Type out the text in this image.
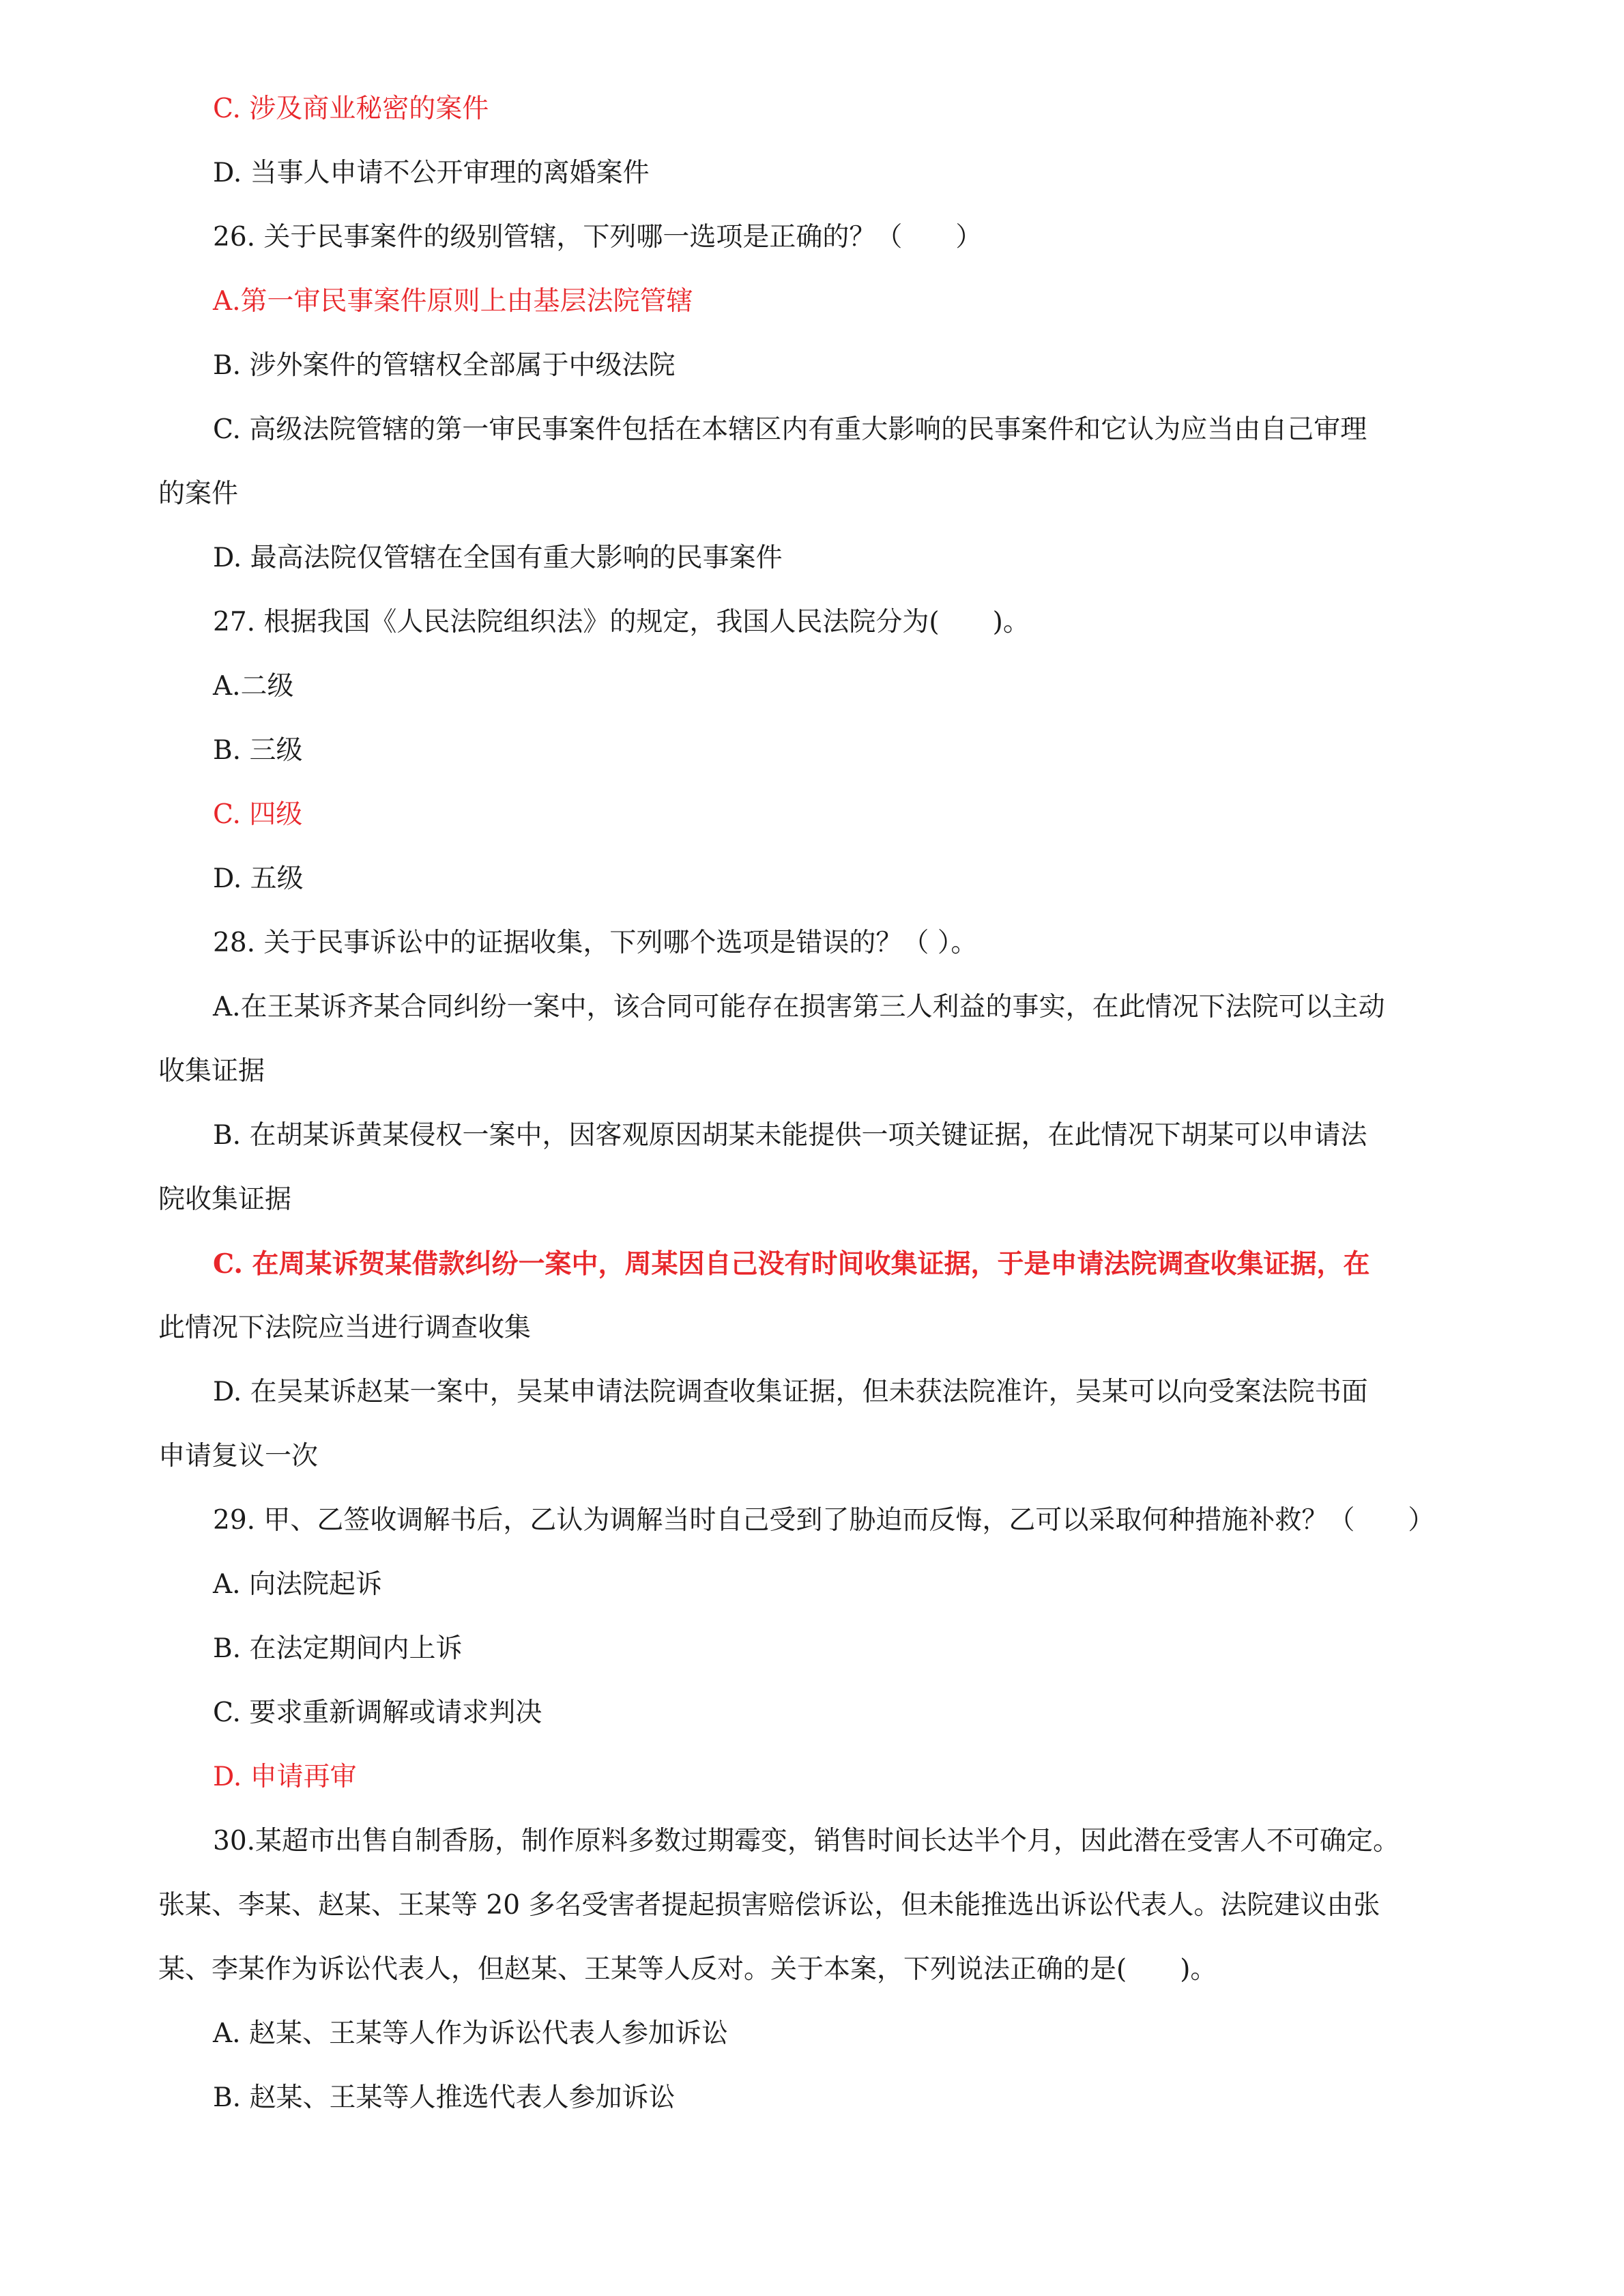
C. 涉及商业秘密的案件
D. 当事人申请不公开审理的离婚案件
26. 关于民事案件的级别管辖，下列哪一选项是正确的？（　　）
A.第一审民事案件原则上由基层法院管辖
B. 涉外案件的管辖权全部属于中级法院
C. 高级法院管辖的第一审民事案件包括在本辖区内有重大影响的民事案件和它认为应当由自己审理
的案件
D. 最高法院仅管辖在全国有重大影响的民事案件
27. 根据我国《人民法院组织法》的规定，我国人民法院分为(　　)。
A.二级
B. 三级
C. 四级
D. 五级
28. 关于民事诉讼中的证据收集，下列哪个选项是错误的？（ ）。
A.在王某诉齐某合同纠纷一案中，该合同可能存在损害第三人利益的事实，在此情况下法院可以主动
收集证据
B. 在胡某诉黄某侵权一案中，因客观原因胡某未能提供一项关键证据，在此情况下胡某可以申请法
院收集证据
C. 在周某诉贺某借款纠纷一案中，周某因自己没有时间收集证据，于是申请法院调查收集证据，在
此情况下法院应当进行调查收集
D. 在吴某诉赵某一案中，吴某申请法院调查收集证据，但未获法院准许，吴某可以向受案法院书面
申请复议一次
29. 甲、乙签收调解书后，乙认为调解当时自己受到了胁迫而反悔，乙可以采取何种措施补救？（　　）
A. 向法院起诉
B. 在法定期间内上诉
C. 要求重新调解或请求判决
D. 申请再审
30.某超市出售自制香肠，制作原料多数过期霉变，销售时间长达半个月，因此潜在受害人不可确定。
张某、李某、赵某、王某等 20 多名受害者提起损害赔偿诉讼，但未能推选出诉讼代表人。法院建议由张
某、李某作为诉讼代表人，但赵某、王某等人反对。关于本案，下列说法正确的是(　　)。
A. 赵某、王某等人作为诉讼代表人参加诉讼
B. 赵某、王某等人推选代表人参加诉讼
